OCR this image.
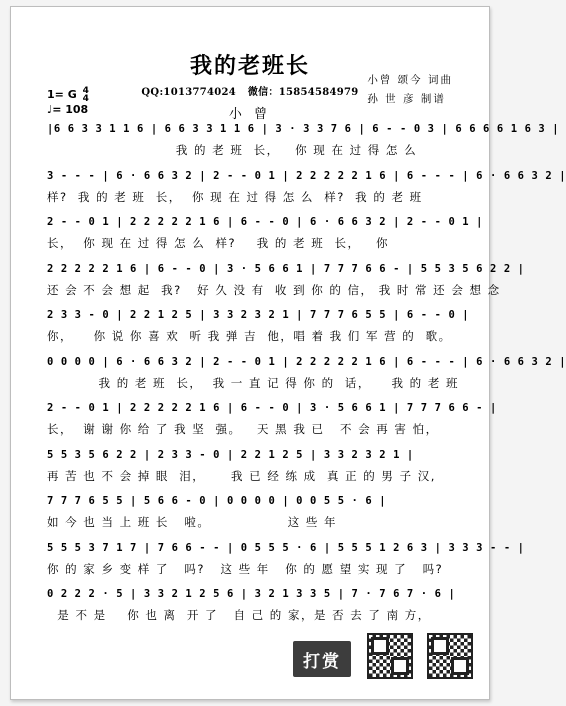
我的老班长
QQ:1013774024 微信：15854584979
小曾 颂今 词曲
孙 世 彦 制谱
1= G 4
4
♩= 108	小 曾
|6 6 3 3 1 1 6 | 6 6 3 3 1 1 6 | 3 · 3 3 7 6 | 6 - - 0 3 | 6 6 6 6 1 6 3 |
我 的 老 班  长，   你 现 在 过 得 怎 么
3 - - - | 6 · 6 6 3 2 | 2 - - 0 1 | 2 2 2 2 2 1 6 | 6 - - - | 6 · 6 6 3 2 |
样?  我 的 老 班  长，  你 现 在 过 得 怎 么  样?  我 的 老 班
2 - - 0 1 | 2 2 2 2 2 1 6 | 6 - - 0 | 6 · 6 6 3 2 | 2 - - 0 1 |
长，  你 现 在 过 得 怎 么  样?    我 的 老 班  长，   你
2 2 2 2 2 1 6 | 6 - - 0 | 3 · 5 6 6 1 | 7 7 7 6 6 - | 5 5 3 5 6 2 2 |
还 会 不 会 想 起  我?   好 久 没 有  收 到 你 的 信， 我 时 常 还 会 想 念
2 3 3 - 0 | 2 2 1 2 5 | 3 3 2 3 2 1 | 7 7 7 6 5 5 | 6 - - 0 |
你，    你 说 你 喜 欢  听 我 弹 吉  他，唱 着 我 们 军 营 的  歌。
0 0 0 0 | 6 · 6 6 3 2 | 2 - - 0 1 | 2 2 2 2 2 1 6 | 6 - - - | 6 · 6 6 3 2 |
我 的 老 班  长，  我 一 直 记 得 你 的  话，    我 的 老 班
2 - - 0 1 | 2 2 2 2 2 1 6 | 6 - - 0 | 3 · 5 6 6 1 | 7 7 7 6 6 - |
长，  谢 谢 你 给 了 我 坚  强。   天 黑 我 已   不 会 再 害 怕，
5 5 3 5 6 2 2 | 2 3 3 - 0 | 2 2 1 2 5 | 3 3 2 3 2 1 |
再 苦 也 不 会 掉 眼  泪，     我 已 经 练 成  真 正 的 男 子 汉,
7 7 7 6 5 5 | 5 6 6 - 0 | 0 0 0 0 | 0 0 5 5 · 6 |
如 今 也 当 上 班 长   啦。               这 些 年
5 5 5 3 7 1 7 | 7 6 6 - - | 0 5 5 5 · 6 | 5 5 5 1 2 6 3 | 3 3 3 - - |
你 的 家 乡 变 样 了   吗?   这 些 年   你 的 愿 望 实 现 了   吗?
0 2 2 2 · 5 | 3 3 2 1 2 5 6 | 3 2 1 3 3 5 | 7 · 7 6 7 · 6 |
是 不 是    你 也 离  开 了   自 己 的 家，是 否 去 了 南 方，
打赏
